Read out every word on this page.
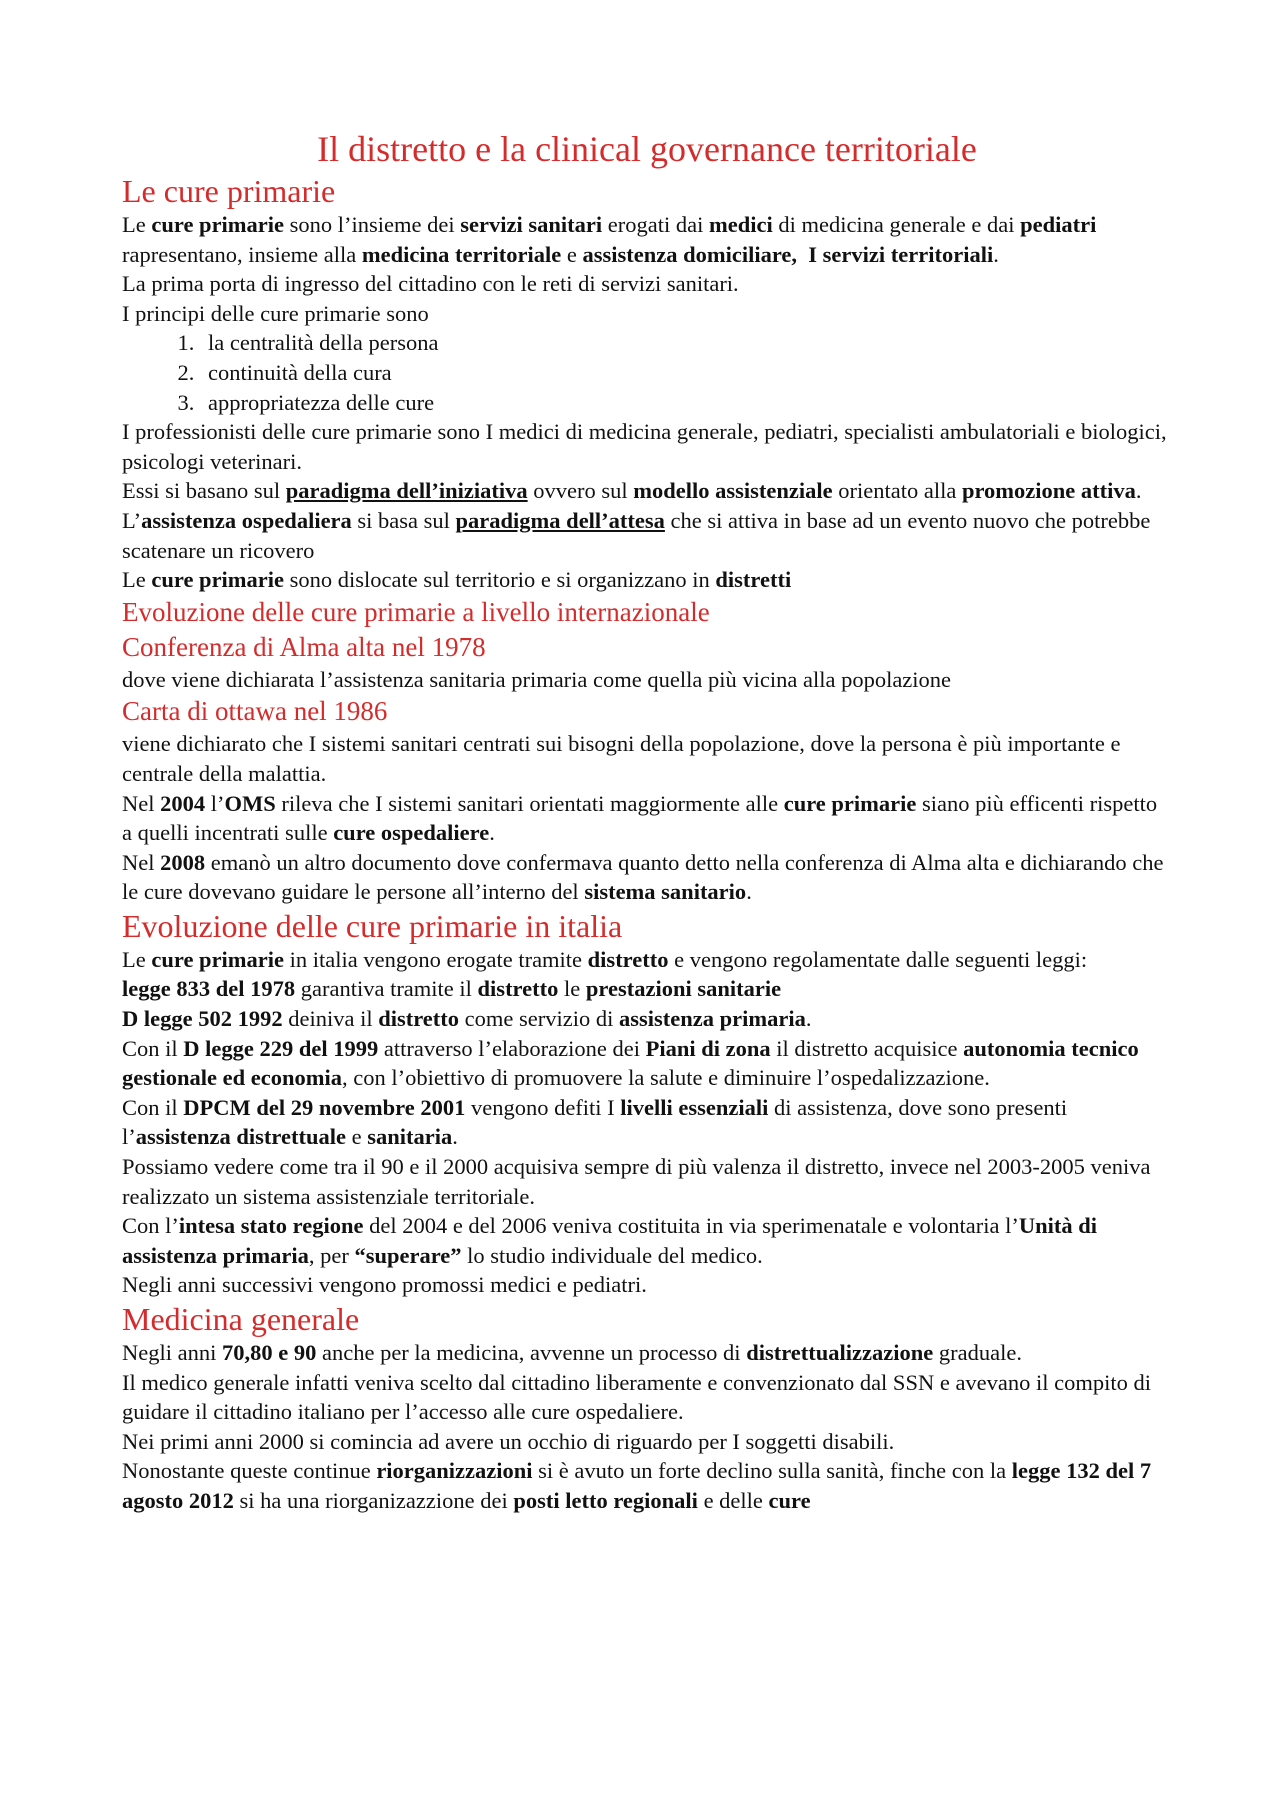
Il distretto e la clinical governance territoriale
Le cure primarie

Le cure primarie sono l’insieme dei servizi sanitari erogati dai medici di medicina generale e dai pediatri rapresentano, insieme alla medicina territoriale e assistenza domiciliare, I servizi territoriali.

La prima porta di ingresso del cittadino con le reti di servizi sanitari.

I principi delle cure primarie sono

1. la centralità della persona
2. continuità della cura
3. appropriatezza delle cure

I professionisti delle cure primarie sono I medici di medicina generale, pediatri, specialisti ambulatoriali e biologici, psicologi veterinari.

Essi si basano sul paradigma dell’iniziativa ovvero sul modello assistenziale orientato alla promozione attiva.

L’assistenza ospedaliera si basa sul paradigma dell’attesa che si attiva in base ad un evento nuovo che potrebbe scatenare un ricovero

Le cure primarie sono dislocate sul territorio e si organizzano in distretti

Evoluzione delle cure primarie a livello internazionale
Conferenza di Alma alta nel 1978

dove viene dichiarata l’assistenza sanitaria primaria come quella più vicina alla popolazione

Carta di ottawa nel 1986

viene dichiarato che I sistemi sanitari centrati sui bisogni della popolazione, dove la persona è più importante e centrale della malattia.

Nel 2004 l’OMS rileva che I sistemi sanitari orientati maggiormente alle cure primarie siano più efficenti rispetto a quelli incentrati sulle cure ospedaliere.

Nel 2008 emanò un altro documento dove confermava quanto detto nella conferenza di Alma alta e dichiarando che le cure dovevano guidare le persone all’interno del sistema sanitario.

Evoluzione delle cure primarie in italia

Le cure primarie in italia vengono erogate tramite distretto e vengono regolamentate dalle seguenti leggi:

legge 833 del 1978 garantiva tramite il distretto le prestazioni sanitarie

D legge 502 1992 deiniva il distretto come servizio di assistenza primaria.

Con il D legge 229 del 1999 attraverso l’elaborazione dei Piani di zona il distretto acquisice autonomia tecnico gestionale ed economia, con l’obiettivo di promuovere la salute e diminuire l’ospedalizzazione.

Con il DPCM del 29 novembre 2001 vengono defiti I livelli essenziali di assistenza, dove sono presenti l’assistenza distrettuale e sanitaria.

Possiamo vedere come tra il 90 e il 2000 acquisiva sempre di più valenza il distretto, invece nel 2003-2005 veniva realizzato un sistema assistenziale territoriale.

Con l’intesa stato regione del 2004 e del 2006 veniva costituita in via sperimenatale e volontaria l’Unità di assistenza primaria, per “superare” lo studio individuale del medico.

Negli anni successivi vengono promossi medici e pediatri.

Medicina generale

Negli anni 70,80 e 90 anche per la medicina, avvenne un processo di distrettualizzazione graduale.

Il medico generale infatti veniva scelto dal cittadino liberamente e convenzionato dal SSN e avevano il compito di guidare il cittadino italiano per l’accesso alle cure ospedaliere.

Nei primi anni 2000 si comincia ad avere un occhio di riguardo per I soggetti disabili.

Nonostante queste continue riorganizzazioni si è avuto un forte declino sulla sanità, finche con la legge 132 del 7 agosto 2012 si ha una riorganizazzione dei posti letto regionali e delle cure
